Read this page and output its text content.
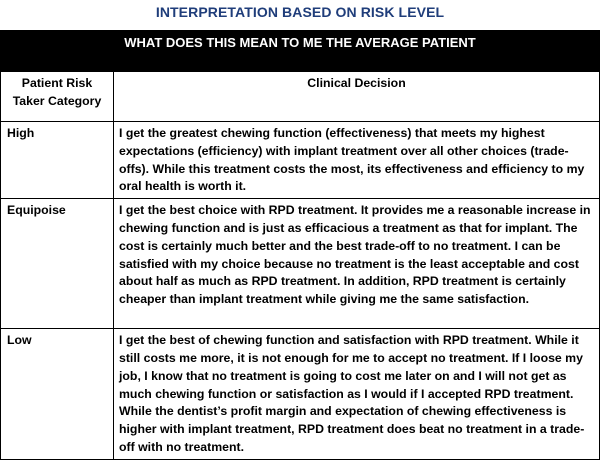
INTERPRETATION BASED ON RISK LEVEL
WHAT DOES THIS MEAN TO ME THE AVERAGE PATIENT
Patient Risk Taker Category	Clinical Decision
High	I get the greatest chewing function (effectiveness) that meets my highest expectations (efficiency) with implant treatment over all other choices (trade-offs). While this treatment costs the most, its effectiveness and efficiency to my oral health is worth it.
Equipoise	I get the best choice with RPD treatment. It provides me a reasonable increase in chewing function and is just as efficacious a treatment as that for implant. The cost is certainly much better and the best trade-off to no treatment. I can be satisfied with my choice because no treatment is the least acceptable and cost about half as much as RPD treatment. In addition, RPD treatment is certainly cheaper than implant treatment while giving me the same satisfaction.
Low	I get the best of chewing function and satisfaction with RPD treatment. While it still costs me more, it is not enough for me to accept no treatment. If I loose my job, I know that no treatment is going to cost me later on and I will not get as much chewing function or satisfaction as I would if I accepted RPD treatment. While the dentist’s profit margin and expectation of chewing effectiveness is higher with implant treatment, RPD treatment does beat no treatment in a trade-off with no treatment.
